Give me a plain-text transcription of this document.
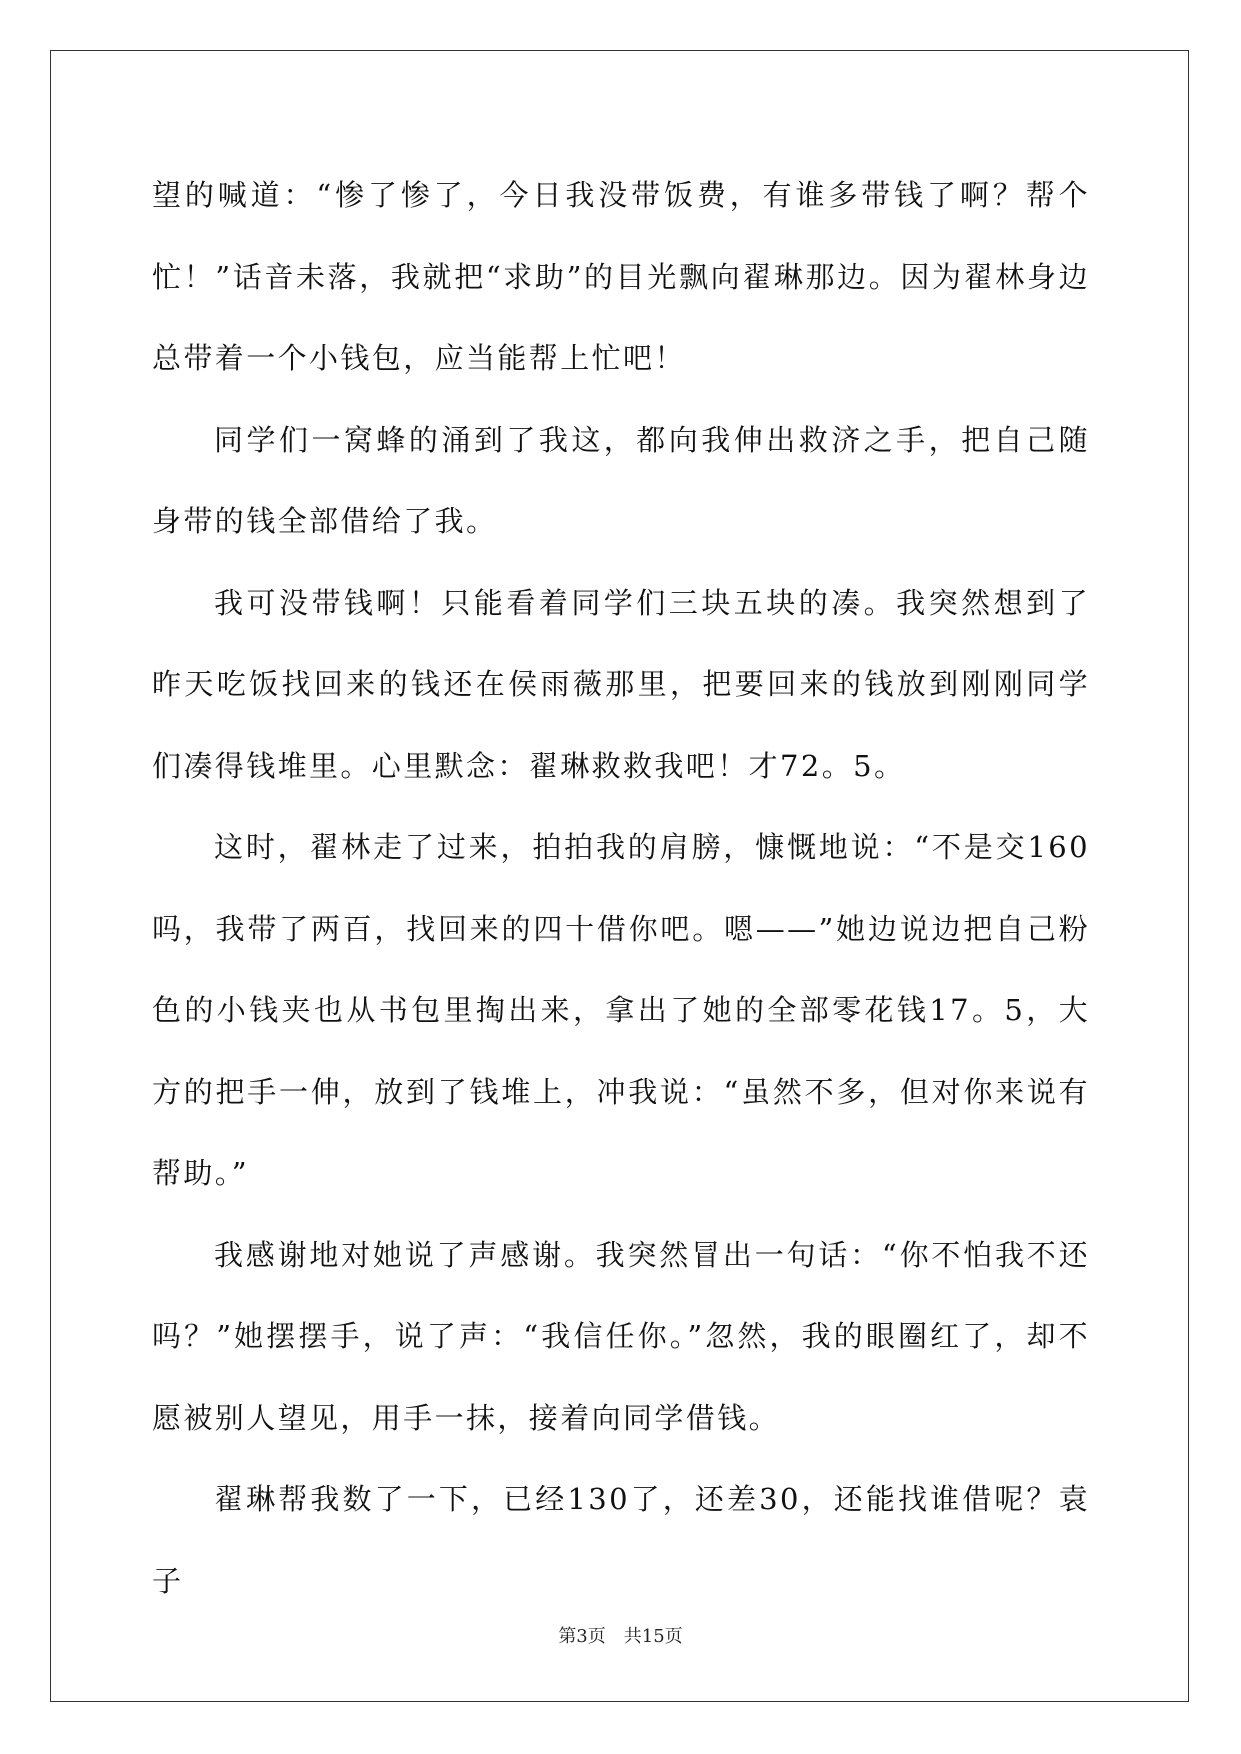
望的喊道：“惨了惨了，今日我没带饭费，有谁多带钱了啊？帮个忙！”话音未落，我就把“求助”的目光飘向翟琳那边。因为翟林身边总带着一个小钱包，应当能帮上忙吧！

同学们一窝蜂的涌到了我这，都向我伸出救济之手，把自己随身带的钱全部借给了我。

我可没带钱啊！只能看着同学们三块五块的凑。我突然想到了昨天吃饭找回来的钱还在侯雨薇那里，把要回来的钱放到刚刚同学们凑得钱堆里。心里默念：翟琳救救我吧！才72。5。

这时，翟林走了过来，拍拍我的肩膀，慷慨地说：“不是交160吗，我带了两百，找回来的四十借你吧。嗯——”她边说边把自己粉色的小钱夹也从书包里掏出来，拿出了她的全部零花钱17。5，大方的把手一伸，放到了钱堆上，冲我说：“虽然不多，但对你来说有帮助。”

我感谢地对她说了声感谢。我突然冒出一句话：“你不怕我不还吗？”她摆摆手，说了声：“我信任你。”忽然，我的眼圈红了，却不愿被别人望见，用手一抹，接着向同学借钱。

翟琳帮我数了一下，已经130了，还差30，还能找谁借呢？袁子

第3页 共15页
